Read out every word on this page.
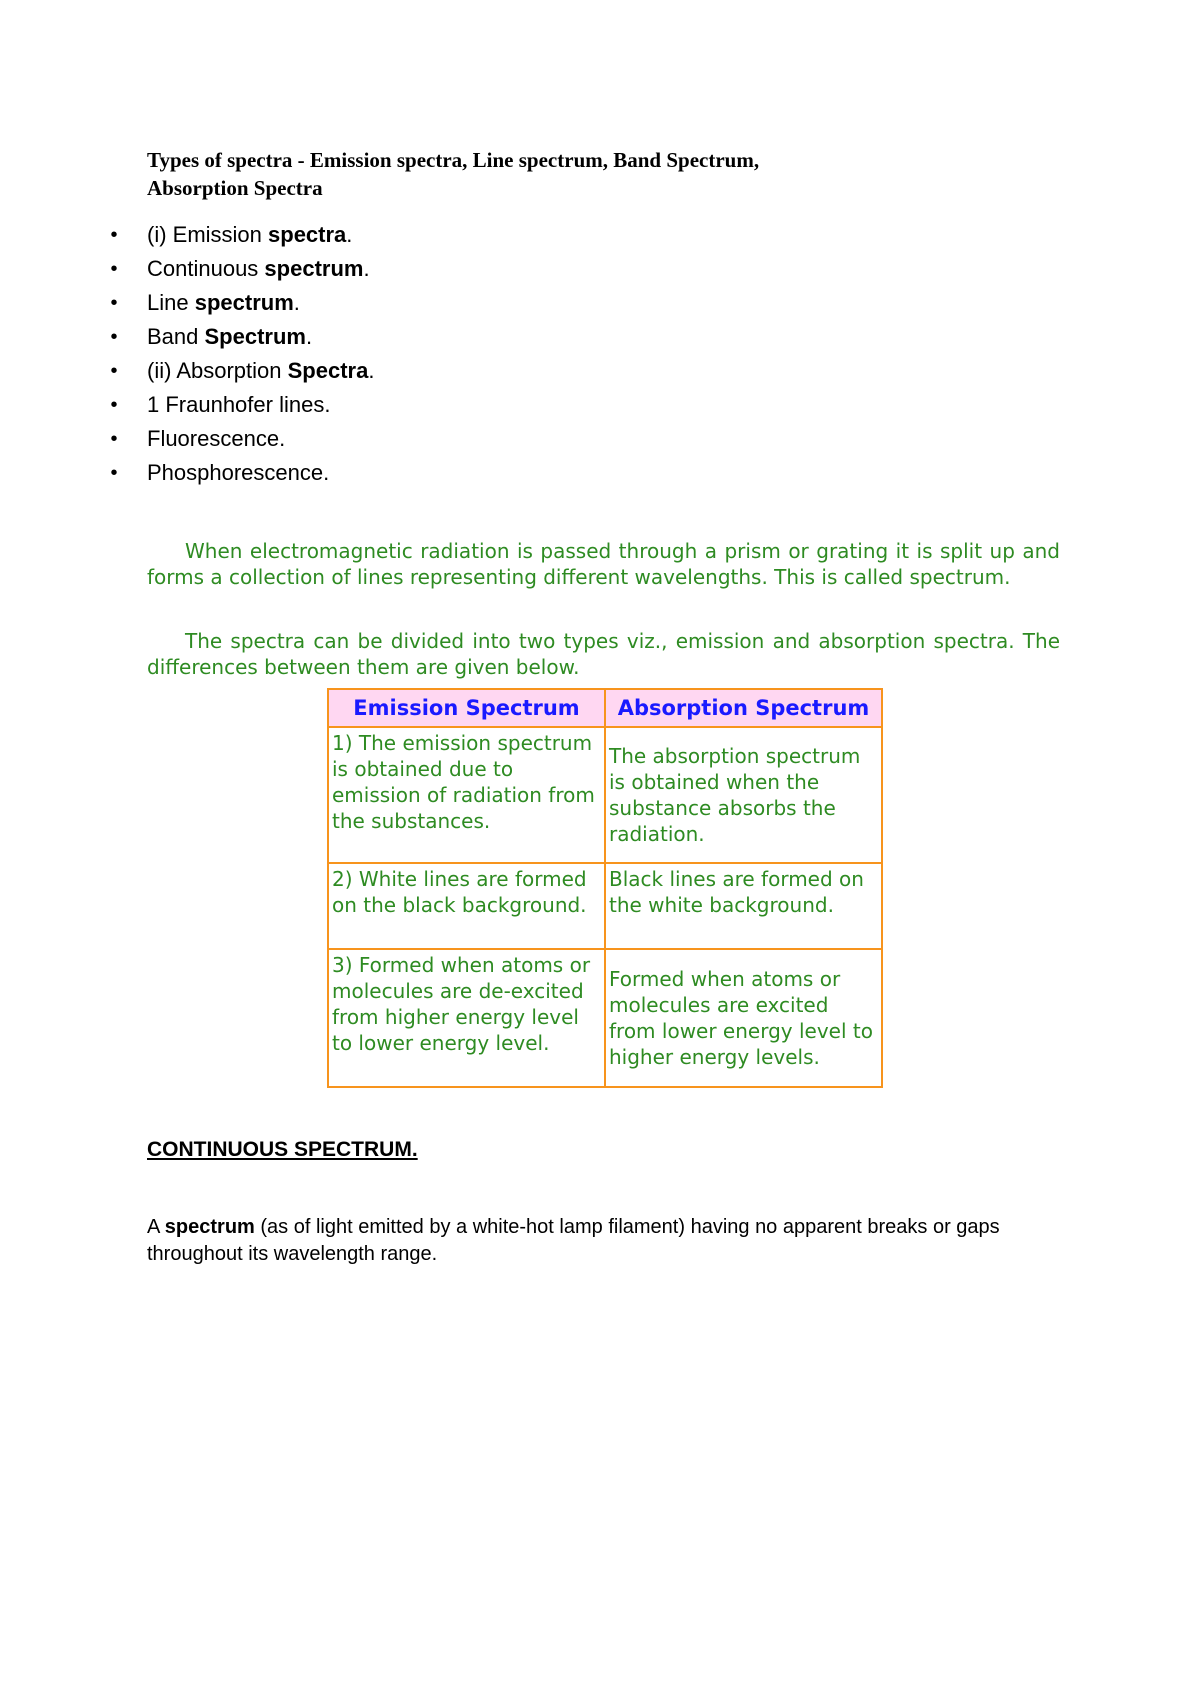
Types of spectra - Emission spectra, Line spectrum, Band Spectrum,
Absorption Spectra
• (i) Emission spectra.
• Continuous spectrum.
• Line spectrum.
• Band Spectrum.
• (ii) Absorption Spectra.
• 1 Fraunhofer lines.
• Fluorescence.
• Phosphorescence.

When electromagnetic radiation is passed through a prism or grating it is split up and forms a collection of lines representing different wavelengths. This is called spectrum.

The spectra can be divided into two types viz., emission and absorption spectra. The differences between them are given below.

Emission Spectrum	Absorption Spectrum
1) The emission spectrum is obtained due to emission of radiation from the substances.	The absorption spectrum is obtained when the substance absorbs the radiation.
2) White lines are formed on the black background.	Black lines are formed on the white background.
3) Formed when atoms or molecules are de-excited from higher energy level to lower energy level.	Formed when atoms or molecules are excited from lower energy level to higher energy levels.
CONTINUOUS SPECTRUM.

A spectrum (as of light emitted by a white-hot lamp filament) having no apparent breaks or gaps throughout its wavelength range.
